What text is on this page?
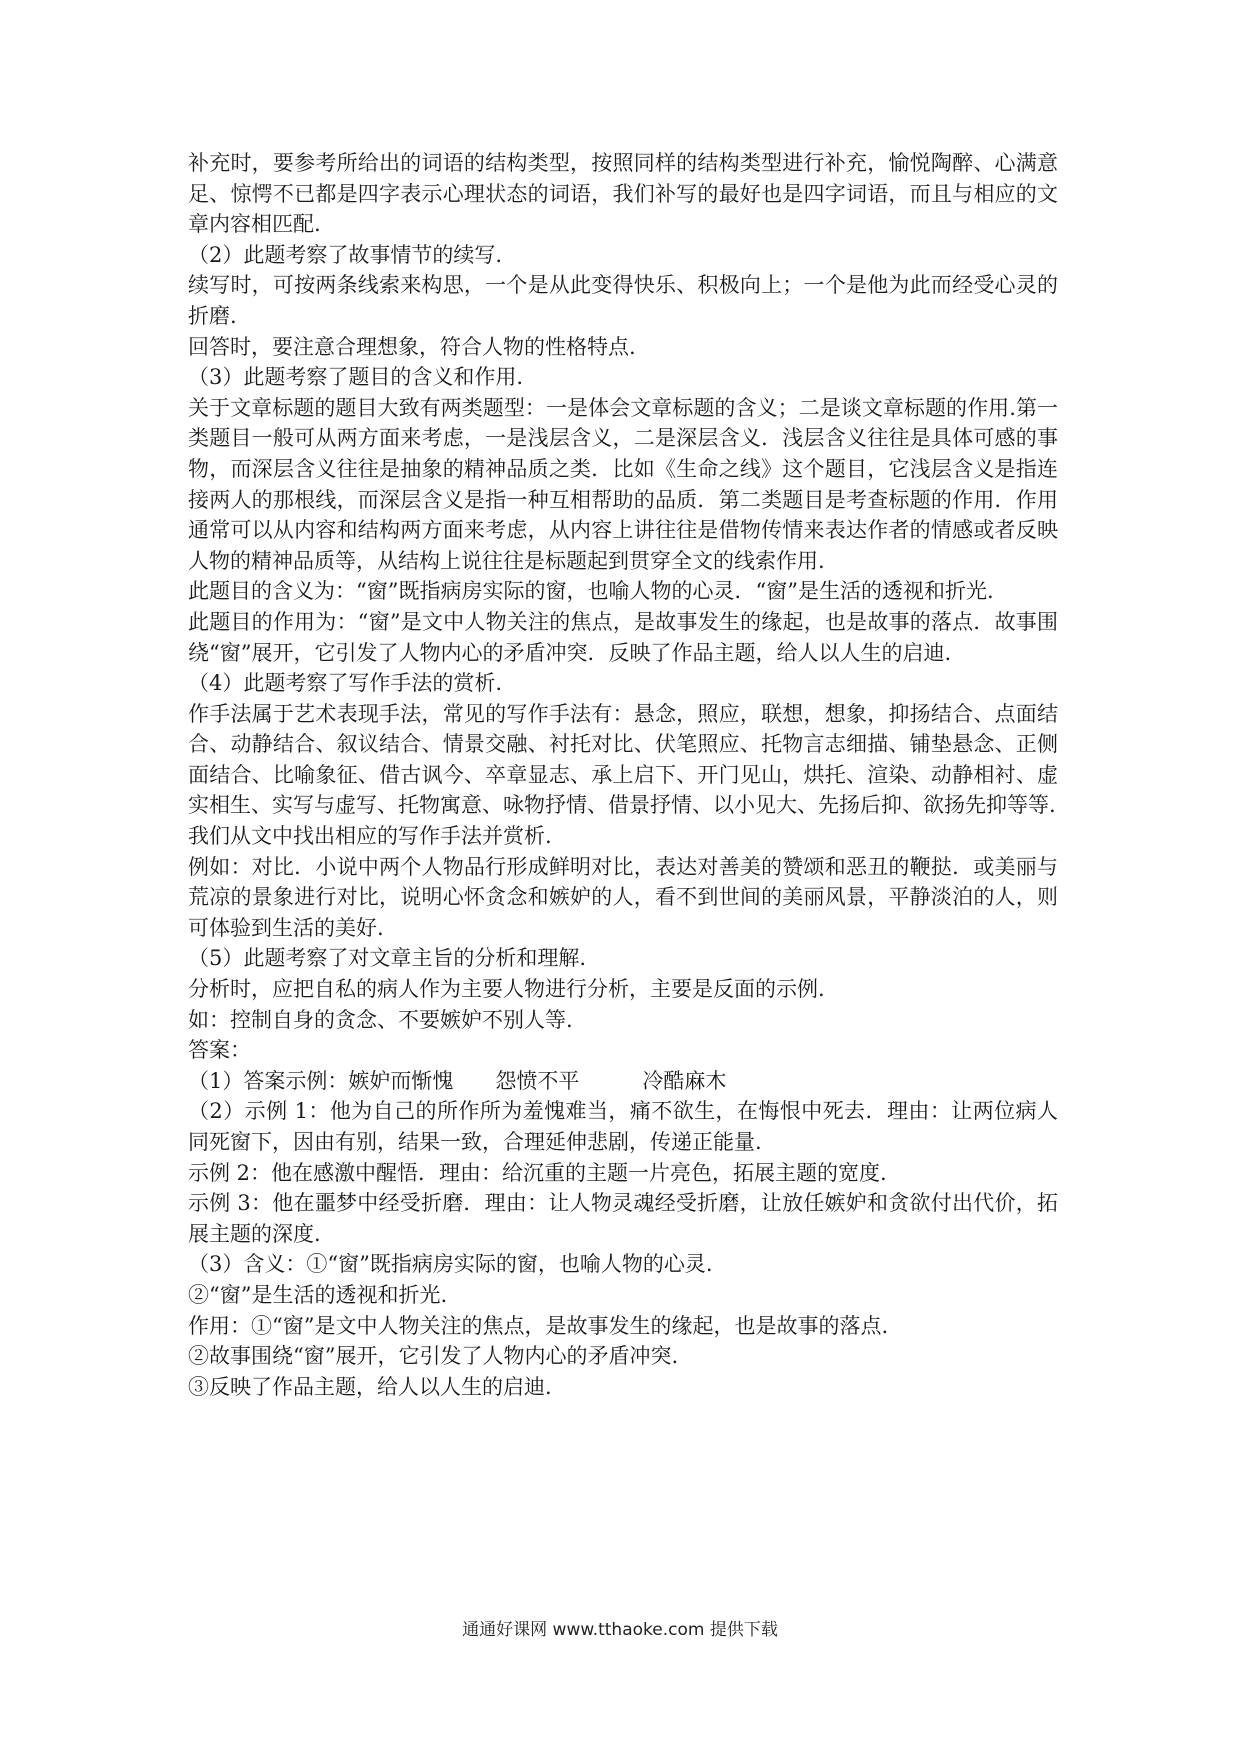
补充时，要参考所给出的词语的结构类型，按照同样的结构类型进行补充，愉悦陶醉、心满意足、惊愕不已都是四字表示心理状态的词语，我们补写的最好也是四字词语，而且与相应的文章内容相匹配.

（2）此题考察了故事情节的续写.

续写时，可按两条线索来构思，一个是从此变得快乐、积极向上；一个是他为此而经受心灵的折磨.

回答时，要注意合理想象，符合人物的性格特点.

（3）此题考察了题目的含义和作用.

关于文章标题的题目大致有两类题型：一是体会文章标题的含义；二是谈文章标题的作用.第一类题目一般可从两方面来考虑，一是浅层含义，二是深层含义．浅层含义往往是具体可感的事物，而深层含义往往是抽象的精神品质之类．比如《生命之线》这个题目，它浅层含义是指连接两人的那根线，而深层含义是指一种互相帮助的品质．第二类题目是考查标题的作用．作用通常可以从内容和结构两方面来考虑，从内容上讲往往是借物传情来表达作者的情感或者反映人物的精神品质等，从结构上说往往是标题起到贯穿全文的线索作用.

此题目的含义为：“窗”既指病房实际的窗，也喻人物的心灵．“窗”是生活的透视和折光.

此题目的作用为：“窗”是文中人物关注的焦点，是故事发生的缘起，也是故事的落点．故事围绕“窗”展开，它引发了人物内心的矛盾冲突．反映了作品主题，给人以人生的启迪.

（4）此题考察了写作手法的赏析.

作手法属于艺术表现手法，常见的写作手法有：悬念，照应，联想，想象，抑扬结合、点面结合、动静结合、叙议结合、情景交融、衬托对比、伏笔照应、托物言志细描、铺垫悬念、正侧面结合、比喻象征、借古讽今、卒章显志、承上启下、开门见山，烘托、渲染、动静相衬、虚实相生、实写与虚写、托物寓意、咏物抒情、借景抒情、以小见大、先扬后抑、欲扬先抑等等.

我们从文中找出相应的写作手法并赏析.

例如：对比．小说中两个人物品行形成鲜明对比，表达对善美的赞颂和恶丑的鞭挞．或美丽与荒凉的景象进行对比，说明心怀贪念和嫉妒的人，看不到世间的美丽风景，平静淡泊的人，则可体验到生活的美好.

（5）此题考察了对文章主旨的分析和理解.

分析时，应把自私的病人作为主要人物进行分析，主要是反面的示例.

如：控制自身的贪念、不要嫉妒不别人等.

答案：

（1）答案示例：嫉妒而惭愧　　怨愤不平　　　冷酷麻木

（2）示例 1：他为自己的所作所为羞愧难当，痛不欲生，在悔恨中死去．理由：让两位病人同死窗下，因由有别，结果一致，合理延伸悲剧，传递正能量.

示例 2：他在感激中醒悟．理由：给沉重的主题一片亮色，拓展主题的宽度.

示例 3：他在噩梦中经受折磨．理由：让人物灵魂经受折磨，让放任嫉妒和贪欲付出代价，拓展主题的深度.

（3）含义：①“窗”既指病房实际的窗，也喻人物的心灵.

②“窗”是生活的透视和折光.

作用：①“窗”是文中人物关注的焦点，是故事发生的缘起，也是故事的落点.

②故事围绕“窗”展开，它引发了人物内心的矛盾冲突.

③反映了作品主题，给人以人生的启迪.

通通好课网 www.tthaoke.com 提供下载
